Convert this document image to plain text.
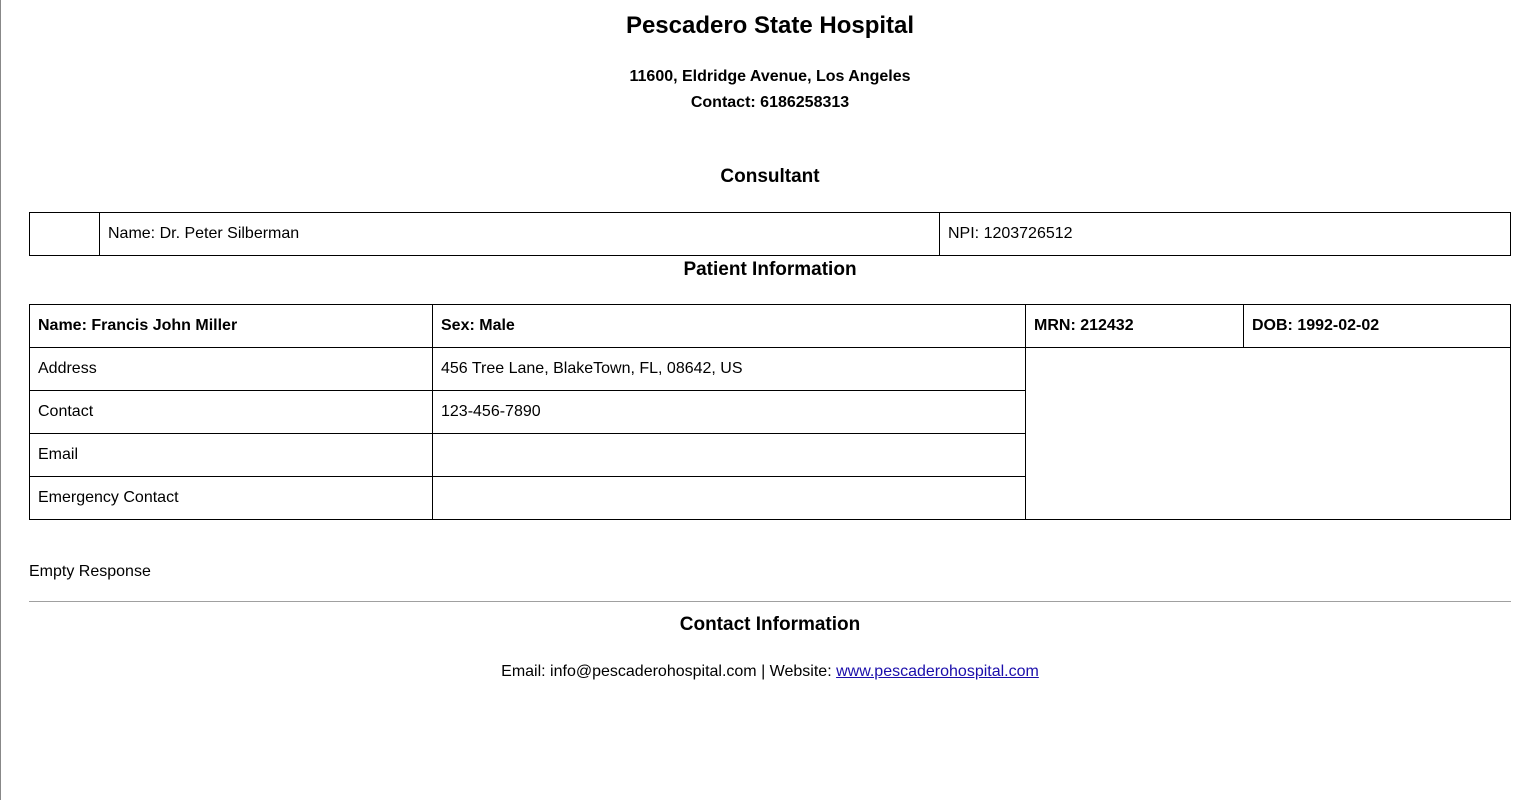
Pescadero State Hospital
11600, Eldridge Avenue, Los Angeles
Contact: 6186258313
Consultant
	Name: Dr. Peter Silberman	NPI: 1203726512
Patient Information
Name: Francis John Miller	Sex: Male	MRN: 212432	DOB: 1992-02-02
Address	456 Tree Lane, BlakeTown, FL, 08642, US		
Contact	123-456-7890		
Email			
Emergency Contact			
Empty Response
Contact Information
Email: info@pescaderohospital.com | Website: www.pescaderohospital.com
